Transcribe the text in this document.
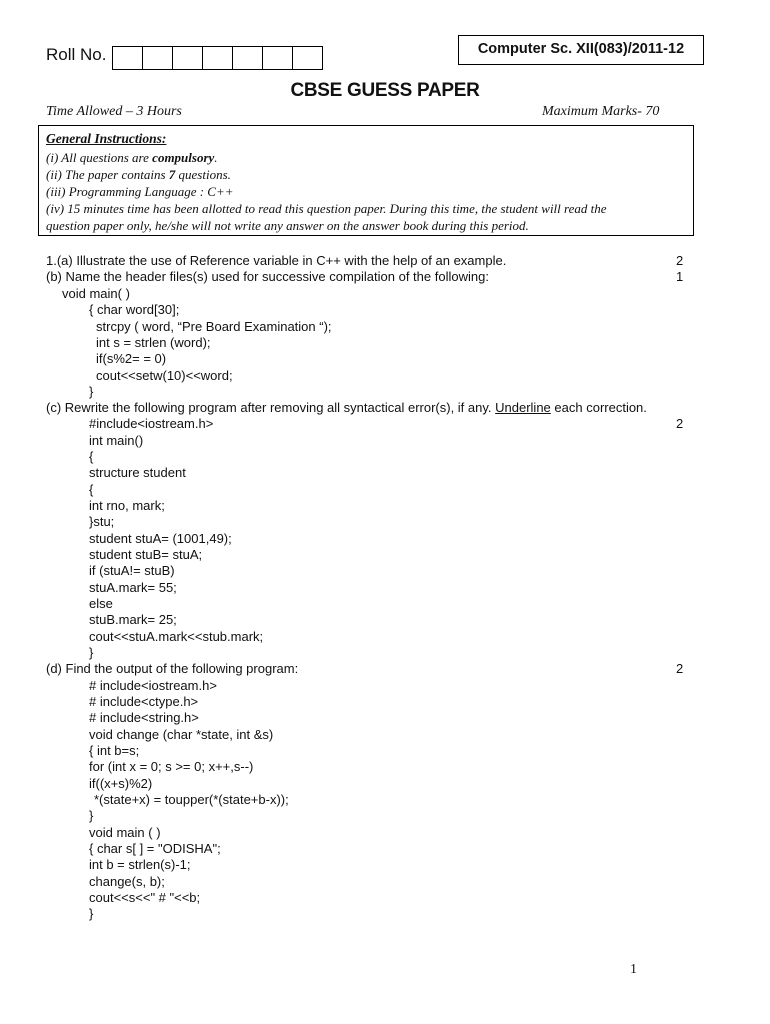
Roll No.	Computer Sc. XII(083)/2011-12
CBSE GUESS PAPER
Time Allowed – 3 Hours	Maximum Marks- 70
General Instructions:
(i) All questions are compulsory.
(ii) The paper contains 7 questions.
(iii) Programming Language : C++
(iv) 15 minutes time has been allotted to read this question paper. During this time, the student will read the
question paper only, he/she will not write any answer on the answer book during this period.
1.(a) Illustrate the use of Reference variable in C++ with the help of an example.	2
(b) Name the header files(s) used for successive compilation of the following:	1
void main( )
{ char word[30];
strcpy ( word, “Pre Board Examination “);
int s = strlen (word);
if(s%2= = 0)
cout<<setw(10)<<word;
}
(c) Rewrite the following program after removing all syntactical error(s), if any. Underline each correction.
2
#include<iostream.h>
int main()
{
structure student
{
int rno, mark;
}stu;
student stuA= (1001,49);
student stuB= stuA;
if (stuA!= stuB)
stuA.mark= 55;
else
stuB.mark= 25;
cout<<stuA.mark<<stub.mark;
}
(d) Find the output of the following program:	2
# include<iostream.h>
# include<ctype.h>
# include<string.h>
void change (char *state, int &s)
{ int b=s;
for (int x = 0; s >= 0; x++,s--)
if((x+s)%2)
*(state+x) = toupper(*(state+b-x));
}
void main ( )
{ char s[ ] = "ODISHA";
int b = strlen(s)-1;
change(s, b);
cout<<s<<" # "<<b;
}
1
